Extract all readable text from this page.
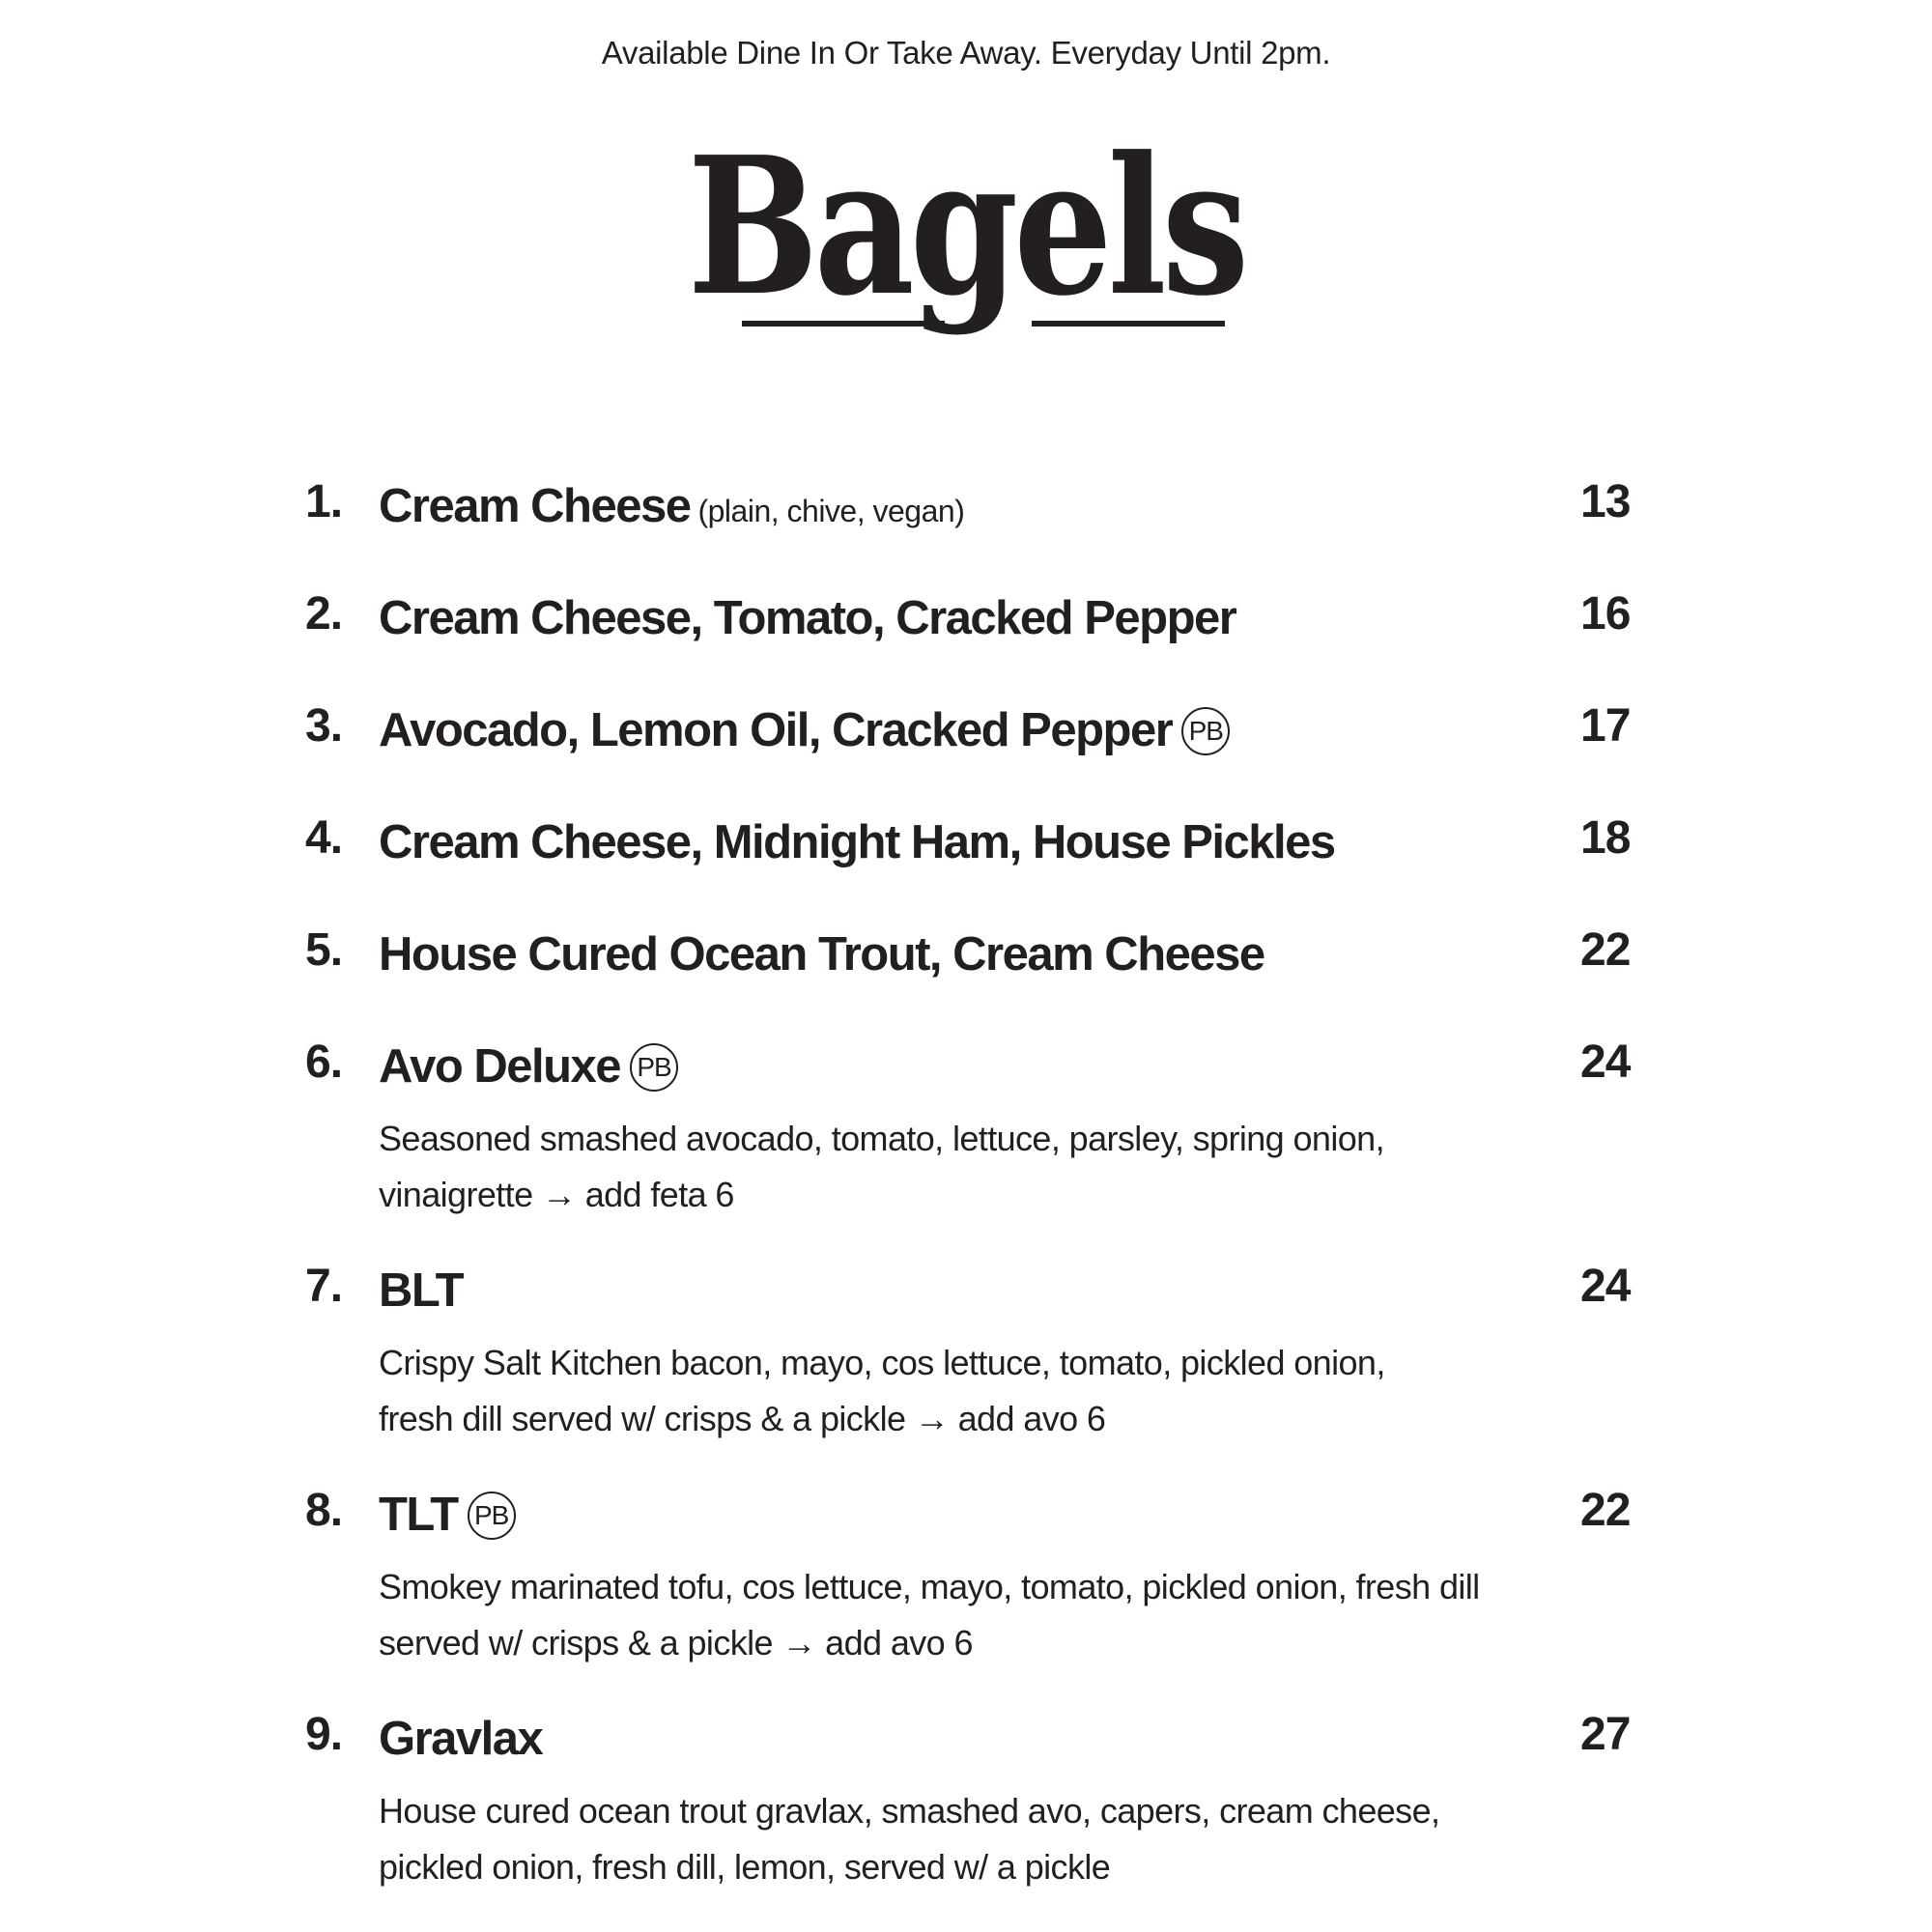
Available Dine In Or Take Away. Everyday Until 2pm.
Bagels
1. Cream Cheese (plain, chive, vegan)	13
2. Cream Cheese, Tomato, Cracked Pepper	16
3. Avocado, Lemon Oil, Cracked Pepper PB	17
4. Cream Cheese, Midnight Ham, House Pickles	18
5. House Cured Ocean Trout, Cream Cheese	22
6. Avo Deluxe PB	24
Seasoned smashed avocado, tomato, lettuce, parsley, spring onion,
vinaigrette → add feta 6
7. BLT	24
Crispy Salt Kitchen bacon, mayo, cos lettuce, tomato, pickled onion,
fresh dill served w/ crisps & a pickle → add avo 6
8. TLT PB	22
Smokey marinated tofu, cos lettuce, mayo, tomato, pickled onion, fresh dill
served w/ crisps & a pickle → add avo 6
9. Gravlax	27
House cured ocean trout gravlax, smashed avo, capers, cream cheese,
pickled onion, fresh dill, lemon, served w/ a pickle
